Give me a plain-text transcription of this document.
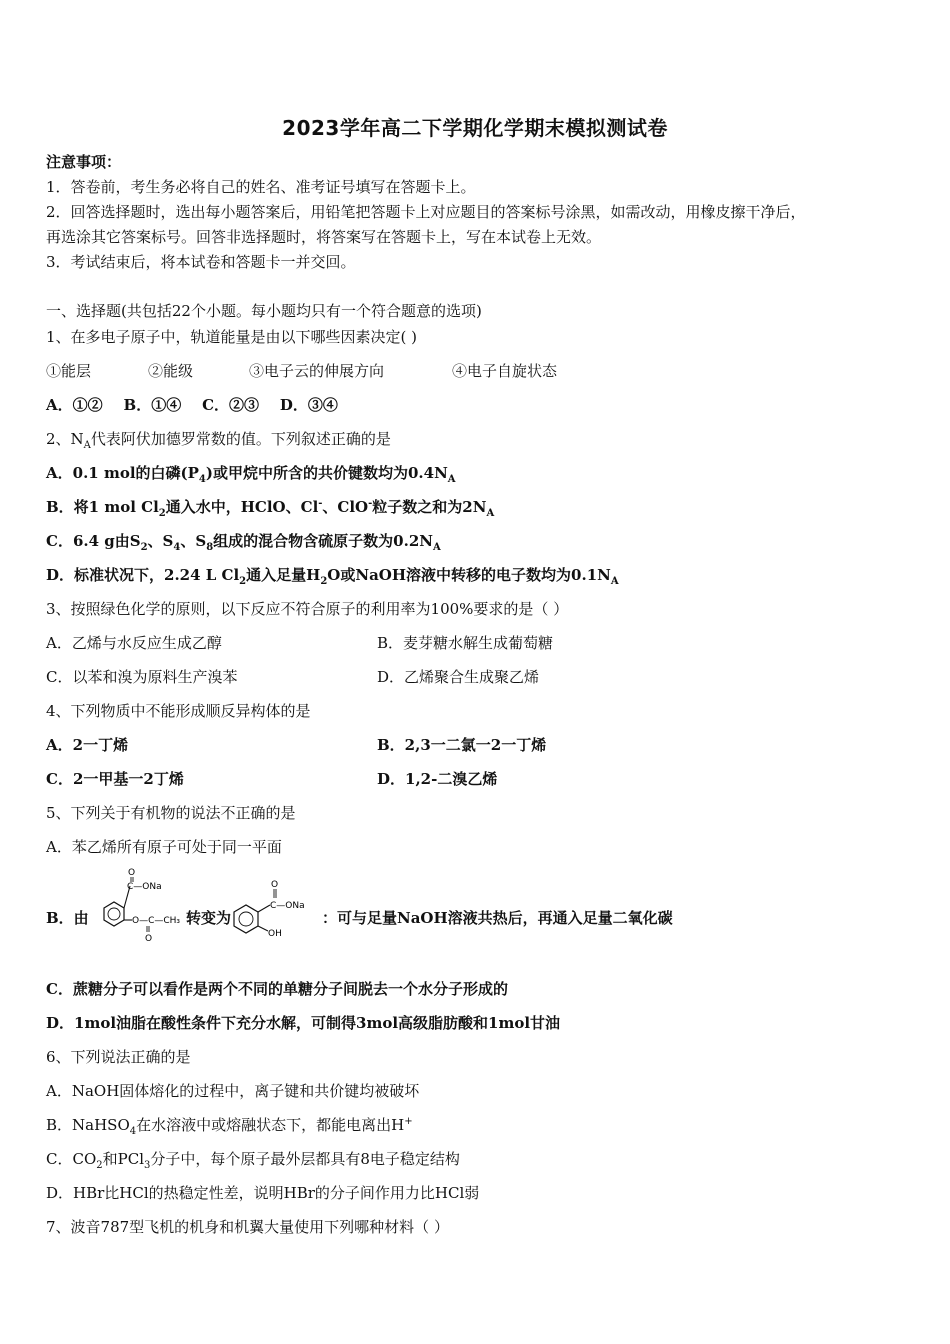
2023学年高二下学期化学期末模拟测试卷
注意事项：
1．答卷前，考生务必将自己的姓名、准考证号填写在答题卡上。
2．回答选择题时，选出每小题答案后，用铅笔把答题卡上对应题目的答案标号涂黑，如需改动，用橡皮擦干净后，
再选涂其它答案标号。回答非选择题时，将答案写在答题卡上，写在本试卷上无效。
3．考试结束后，将本试卷和答题卡一并交回。
一、选择题(共包括22个小题。每小题均只有一个符合题意的选项)
1、在多电子原子中，轨道能量是由以下哪些因素决定( )
①能层	②能级	③电子云的伸展方向	④电子自旋状态
A．①②    B．①④    C．②③    D．③④
2、$N_A$代表阿伏加德罗常数的值。下列叙述正确的是
A．0.1 mol的白磷$(P_4)$或甲烷中所含的共价键数均为$0.4N_A$
B．将1 mol $Cl_2$通入水中，HClO、Cl-、ClO-粒子数之和为$2N_A$
C．6.4 g由$S_2$、$S_4$、$S_8$组成的混合物含硫原子数为$0.2N_A$
D．标准状况下，2.24 L $Cl_2$通入足量$H_2O$或NaOH溶液中转移的电子数均为$0.1N_A$
3、按照绿色化学的原则，以下反应不符合原子的利用率为100%要求的是（ ）
A．乙烯与水反应生成乙醇	B．麦芽糖水解生成葡萄糖
C．以苯和溴为原料生产溴苯	D．乙烯聚合生成聚乙烯
4、下列物质中不能形成顺反异构体的是
A．2一丁烯	B．2,3一二氯一2一丁烯
C．2一甲基一2丁烯	D．1,2-二溴乙烯
5、下列关于有机物的说法不正确的是
A．苯乙烯所有原子可处于同一平面
B．由
O
C—ONa
O—C—CH₃
O
转变为
O
C—ONa
OH
：可与足量NaOH溶液共热后，再通入足量二氧化碳
C．蔗糖分子可以看作是两个不同的单糖分子间脱去一个水分子形成的
D．1mol油脂在酸性条件下充分水解，可制得3mol高级脂肪酸和1mol甘油
6、下列说法正确的是
A．NaOH固体熔化的过程中，离子键和共价键均被破坏
B．NaHSO$_4$在水溶液中或熔融状态下，都能电离出H+
C．$CO_2$和PCl$_3$分子中，每个原子最外层都具有8电子稳定结构
D．HBr比HCl的热稳定性差，说明HBr的分子间作用力比HCl弱
7、波音787型飞机的机身和机翼大量使用下列哪种材料（ ）
